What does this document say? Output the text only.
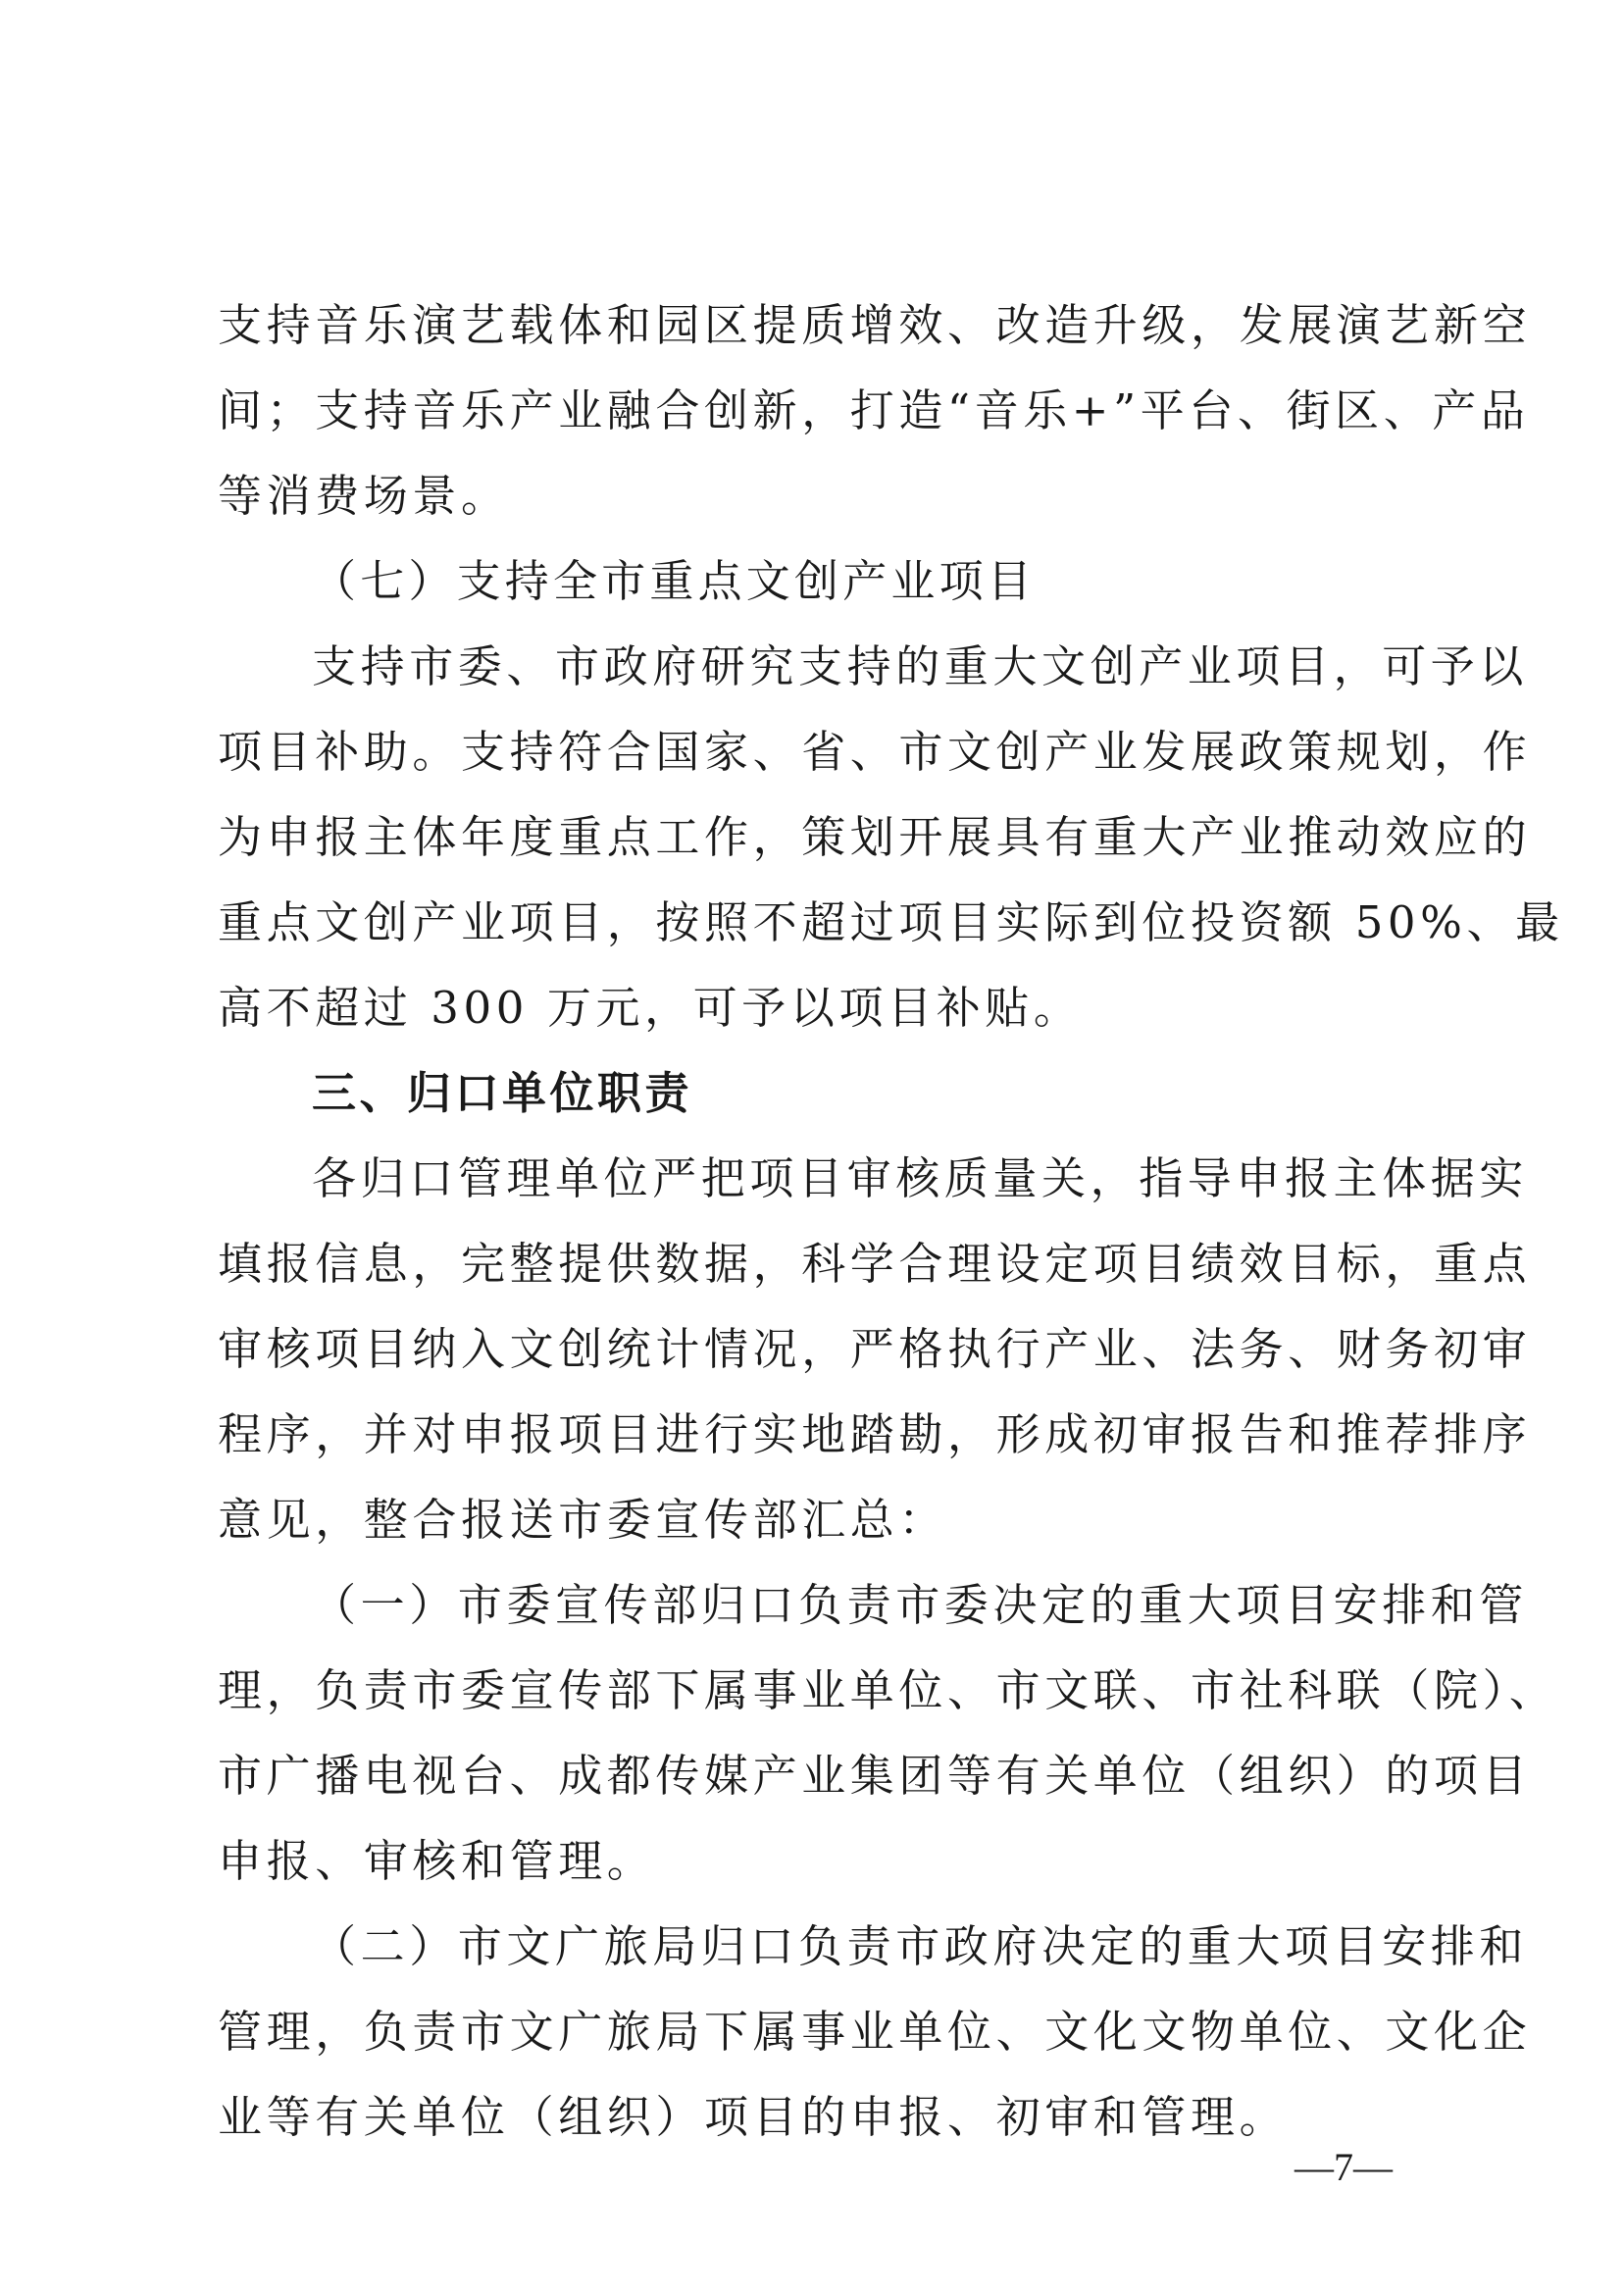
支持音乐演艺载体和园区提质增效、改造升级，发展演艺新空
间；支持音乐产业融合创新，打造“音乐+”平台、街区、产品
等消费场景。
（七）支持全市重点文创产业项目
支持市委、市政府研究支持的重大文创产业项目，可予以
项目补助。支持符合国家、省、市文创产业发展政策规划，作
为申报主体年度重点工作，策划开展具有重大产业推动效应的
重点文创产业项目，按照不超过项目实际到位投资额 50%、最
高不超过 300 万元，可予以项目补贴。
三、归口单位职责
各归口管理单位严把项目审核质量关，指导申报主体据实
填报信息，完整提供数据，科学合理设定项目绩效目标，重点
审核项目纳入文创统计情况，严格执行产业、法务、财务初审
程序，并对申报项目进行实地踏勘，形成初审报告和推荐排序
意见，整合报送市委宣传部汇总：
（一）市委宣传部归口负责市委决定的重大项目安排和管
理，负责市委宣传部下属事业单位、市文联、市社科联（院）、
市广播电视台、成都传媒产业集团等有关单位（组织）的项目
申报、审核和管理。
（二）市文广旅局归口负责市政府决定的重大项目安排和
管理，负责市文广旅局下属事业单位、文化文物单位、文化企
业等有关单位（组织）项目的申报、初审和管理。
—7—
